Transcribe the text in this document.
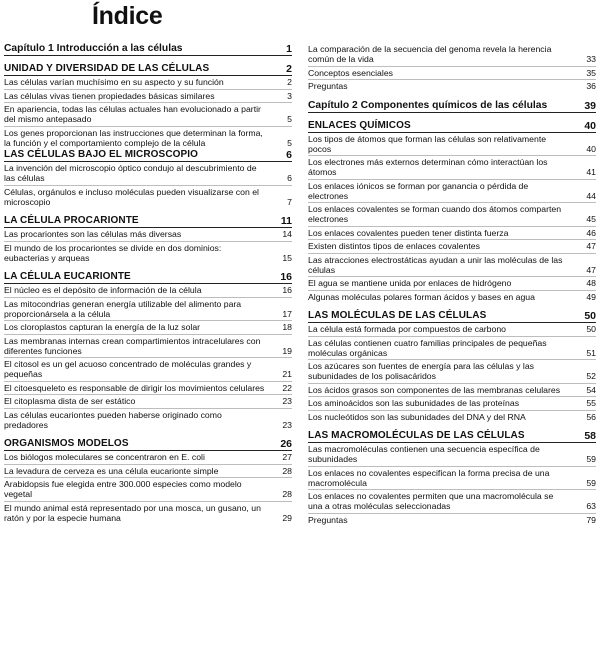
Índice
Capítulo 1 Introducción a las células	1
UNIDAD Y DIVERSIDAD DE LAS CÉLULAS	2
Las células varían muchísimo en su aspecto y su función	2
Las células vivas tienen propiedades básicas similares	3
En apariencia, todas las células actuales han evolucionado a partir del mismo antepasado	5
Los genes proporcionan las instrucciones que determinan la forma, la función y el comportamiento complejo de la célula	5
LAS CÉLULAS BAJO EL MICROSCOPIO	6
La invención del microscopio óptico condujo al descubrimiento de las células	6
Células, orgánulos e incluso moléculas pueden visualizarse con el microscopio	7
LA CÉLULA PROCARIONTE	11
Las procariontes son las células más diversas	14
El mundo de los procariontes se divide en dos dominios: eubacterias y arqueas	15
LA CÉLULA EUCARIONTE	16
El núcleo es el depósito de información de la célula	16
Las mitocondrias generan energía utilizable del alimento para proporcionársela a la célula	17
Los cloroplastos capturan la energía de la luz solar	18
Las membranas internas crean compartimientos intracelulares con diferentes funciones	19
El citosol es un gel acuoso concentrado de moléculas grandes y pequeñas	21
El citoesqueleto es responsable de dirigir los movimientos celulares	22
El citoplasma dista de ser estático	23
Las células eucariontes pueden haberse originado como predadores	23
ORGANISMOS MODELOS	26
Los biólogos moleculares se concentraron en E. coli	27
La levadura de cerveza es una célula eucarionte simple	28
Arabidopsis fue elegida entre 300.000 especies como modelo vegetal	28
El mundo animal está representado por una mosca, un gusano, un ratón y por la especie humana	29
La comparación de la secuencia del genoma revela la herencia común de la vida	33
Conceptos esenciales	35
Preguntas	36
Capítulo 2 Componentes químicos de las células	39
ENLACES QUÍMICOS	40
Los tipos de átomos que forman las células son relativamente pocos	40
Los electrones más externos determinan cómo interactúan los átomos	41
Los enlaces iónicos se forman por ganancia o pérdida de electrones	44
Los enlaces covalentes se forman cuando dos átomos comparten electrones	45
Los enlaces covalentes pueden tener distinta fuerza	46
Existen distintos tipos de enlaces covalentes	47
Las atracciones electrostáticas ayudan a unir las moléculas de las células	47
El agua se mantiene unida por enlaces de hidrógeno	48
Algunas moléculas polares forman ácidos y bases en agua	49
LAS MOLÉCULAS DE LAS CÉLULAS	50
La célula está formada por compuestos de carbono	50
Las células contienen cuatro familias principales de pequeñas moléculas orgánicas	51
Los azúcares son fuentes de energía para las células y las subunidades de los polisacáridos	52
Los ácidos grasos son componentes de las membranas celulares	54
Los aminoácidos son las subunidades de las proteínas	55
Los nucleótidos son las subunidades del DNA y del RNA	56
LAS MACROMOLÉCULAS DE LAS CÉLULAS	58
Las macromoléculas contienen una secuencia específica de subunidades	59
Los enlaces no covalentes especifican la forma precisa de una macromolécula	59
Los enlaces no covalentes permiten que una macromolécula se una a otras moléculas seleccionadas	63
Preguntas	79
